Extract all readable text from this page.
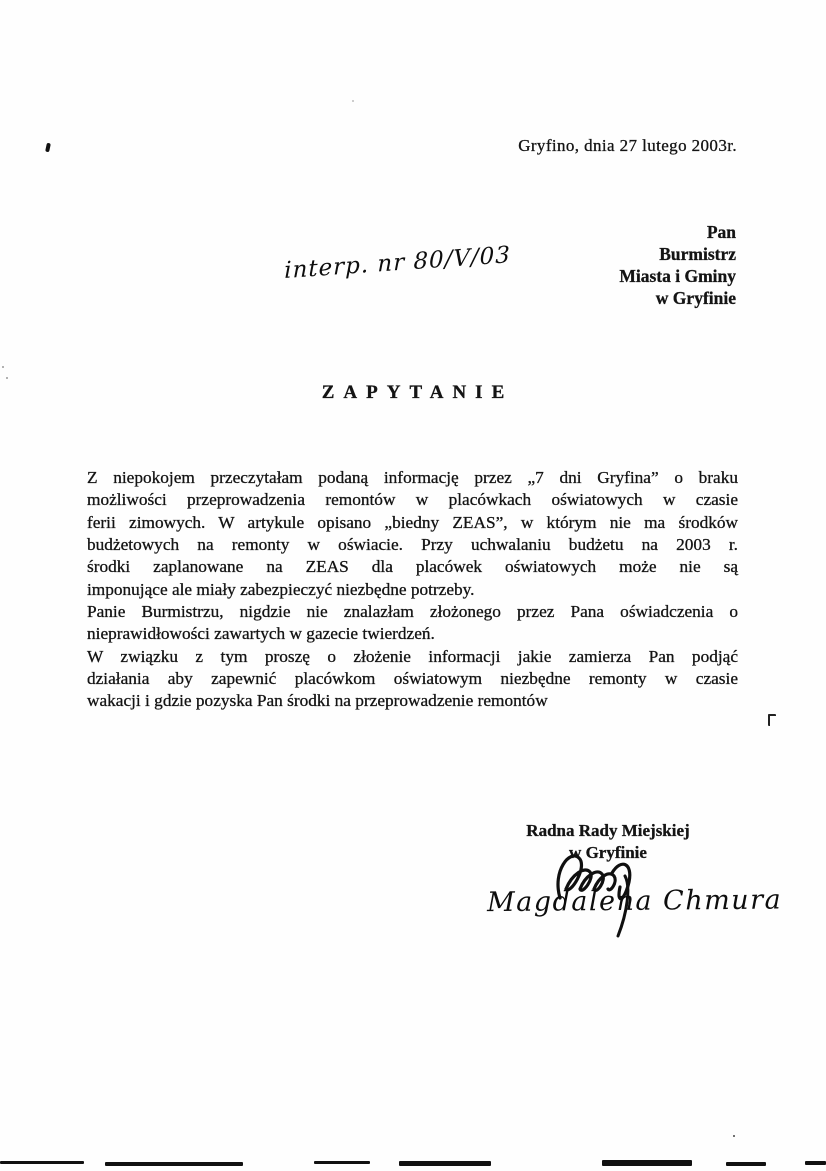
Gryfino, dnia 27 lutego 2003r.
Pan
Burmistrz
Miasta i Gminy
w Gryfinie
interp. nr 80/V/03
ZAPYTANIE
Z niepokojem przeczytałam podaną informację przez „7 dni Gryfina” o braku
możliwości przeprowadzenia remontów w placówkach oświatowych w czasie
ferii zimowych. W artykule opisano „biedny ZEAS”, w którym nie ma środków
budżetowych na remonty w oświacie. Przy uchwalaniu budżetu na 2003 r.
środki zaplanowane na ZEAS dla placówek oświatowych może nie są
imponujące ale miały zabezpieczyć niezbędne potrzeby.
Panie Burmistrzu, nigdzie nie znalazłam złożonego przez Pana oświadczenia o
nieprawidłowości zawartych w gazecie twierdzeń.
W związku z tym proszę o złożenie informacji jakie zamierza Pan podjąć
działania aby zapewnić placówkom oświatowym niezbędne remonty w czasie
wakacji i gdzie pozyska Pan środki na przeprowadzenie remontów
Radna Rady Miejskiej
w Gryfinie
Magdalena Chmura
